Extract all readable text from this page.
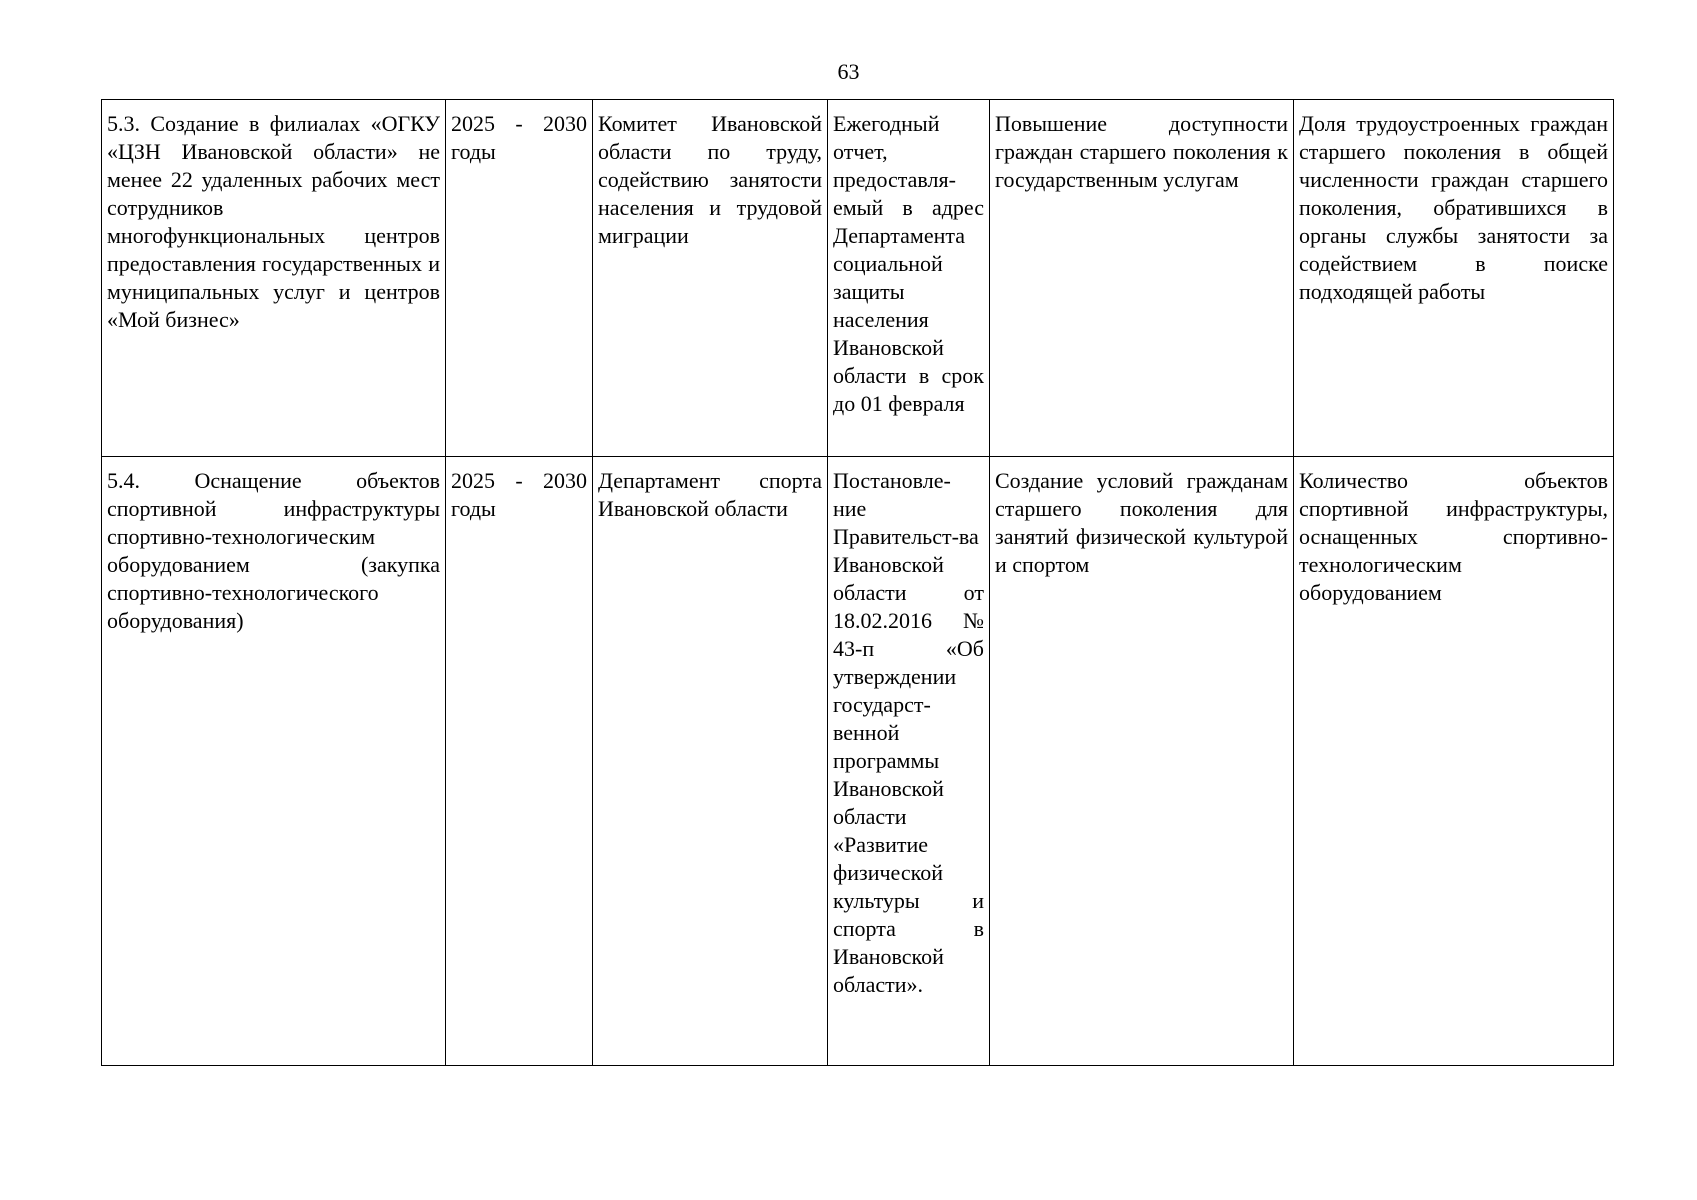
63
5.3. Создание в филиалах «ОГКУ «ЦЗН Ивановской области» не менее 22 удаленных рабочих мест сотрудников многофункциональных центров предоставления государственных и муниципальных услуг и центров «Мой бизнес»	2025 - 2030 годы	Комитет Ивановской области по труду, содействию занятости населения и трудовой миграции	Ежегодный отчет, предоставля-емый в адрес Департамента социальной защиты населения Ивановской области в срок до 01 февраля	Повышение доступности граждан старшего поколения к государственным услугам	Доля трудоустроенных граждан старшего поколения в общей численности граждан старшего поколения, обратившихся в органы службы занятости за содействием в поиске подходящей работы

5.4. Оснащение объектов спортивной инфраструктуры спортивно-технологическим оборудованием (закупка спортивно-технологического оборудования)	2025 - 2030 годы	Департамент спорта Ивановской области	Постановле-ние Правительст-ва Ивановской области от 18.02.2016 № 43-п «Об утверждении государст-венной программы Ивановской области «Развитие физической культуры и спорта в Ивановской области».	Создание условий гражданам старшего поколения для занятий физической культурой и спортом	Количество объектов спортивной инфраструктуры, оснащенных спортивно-технологическим оборудованием
